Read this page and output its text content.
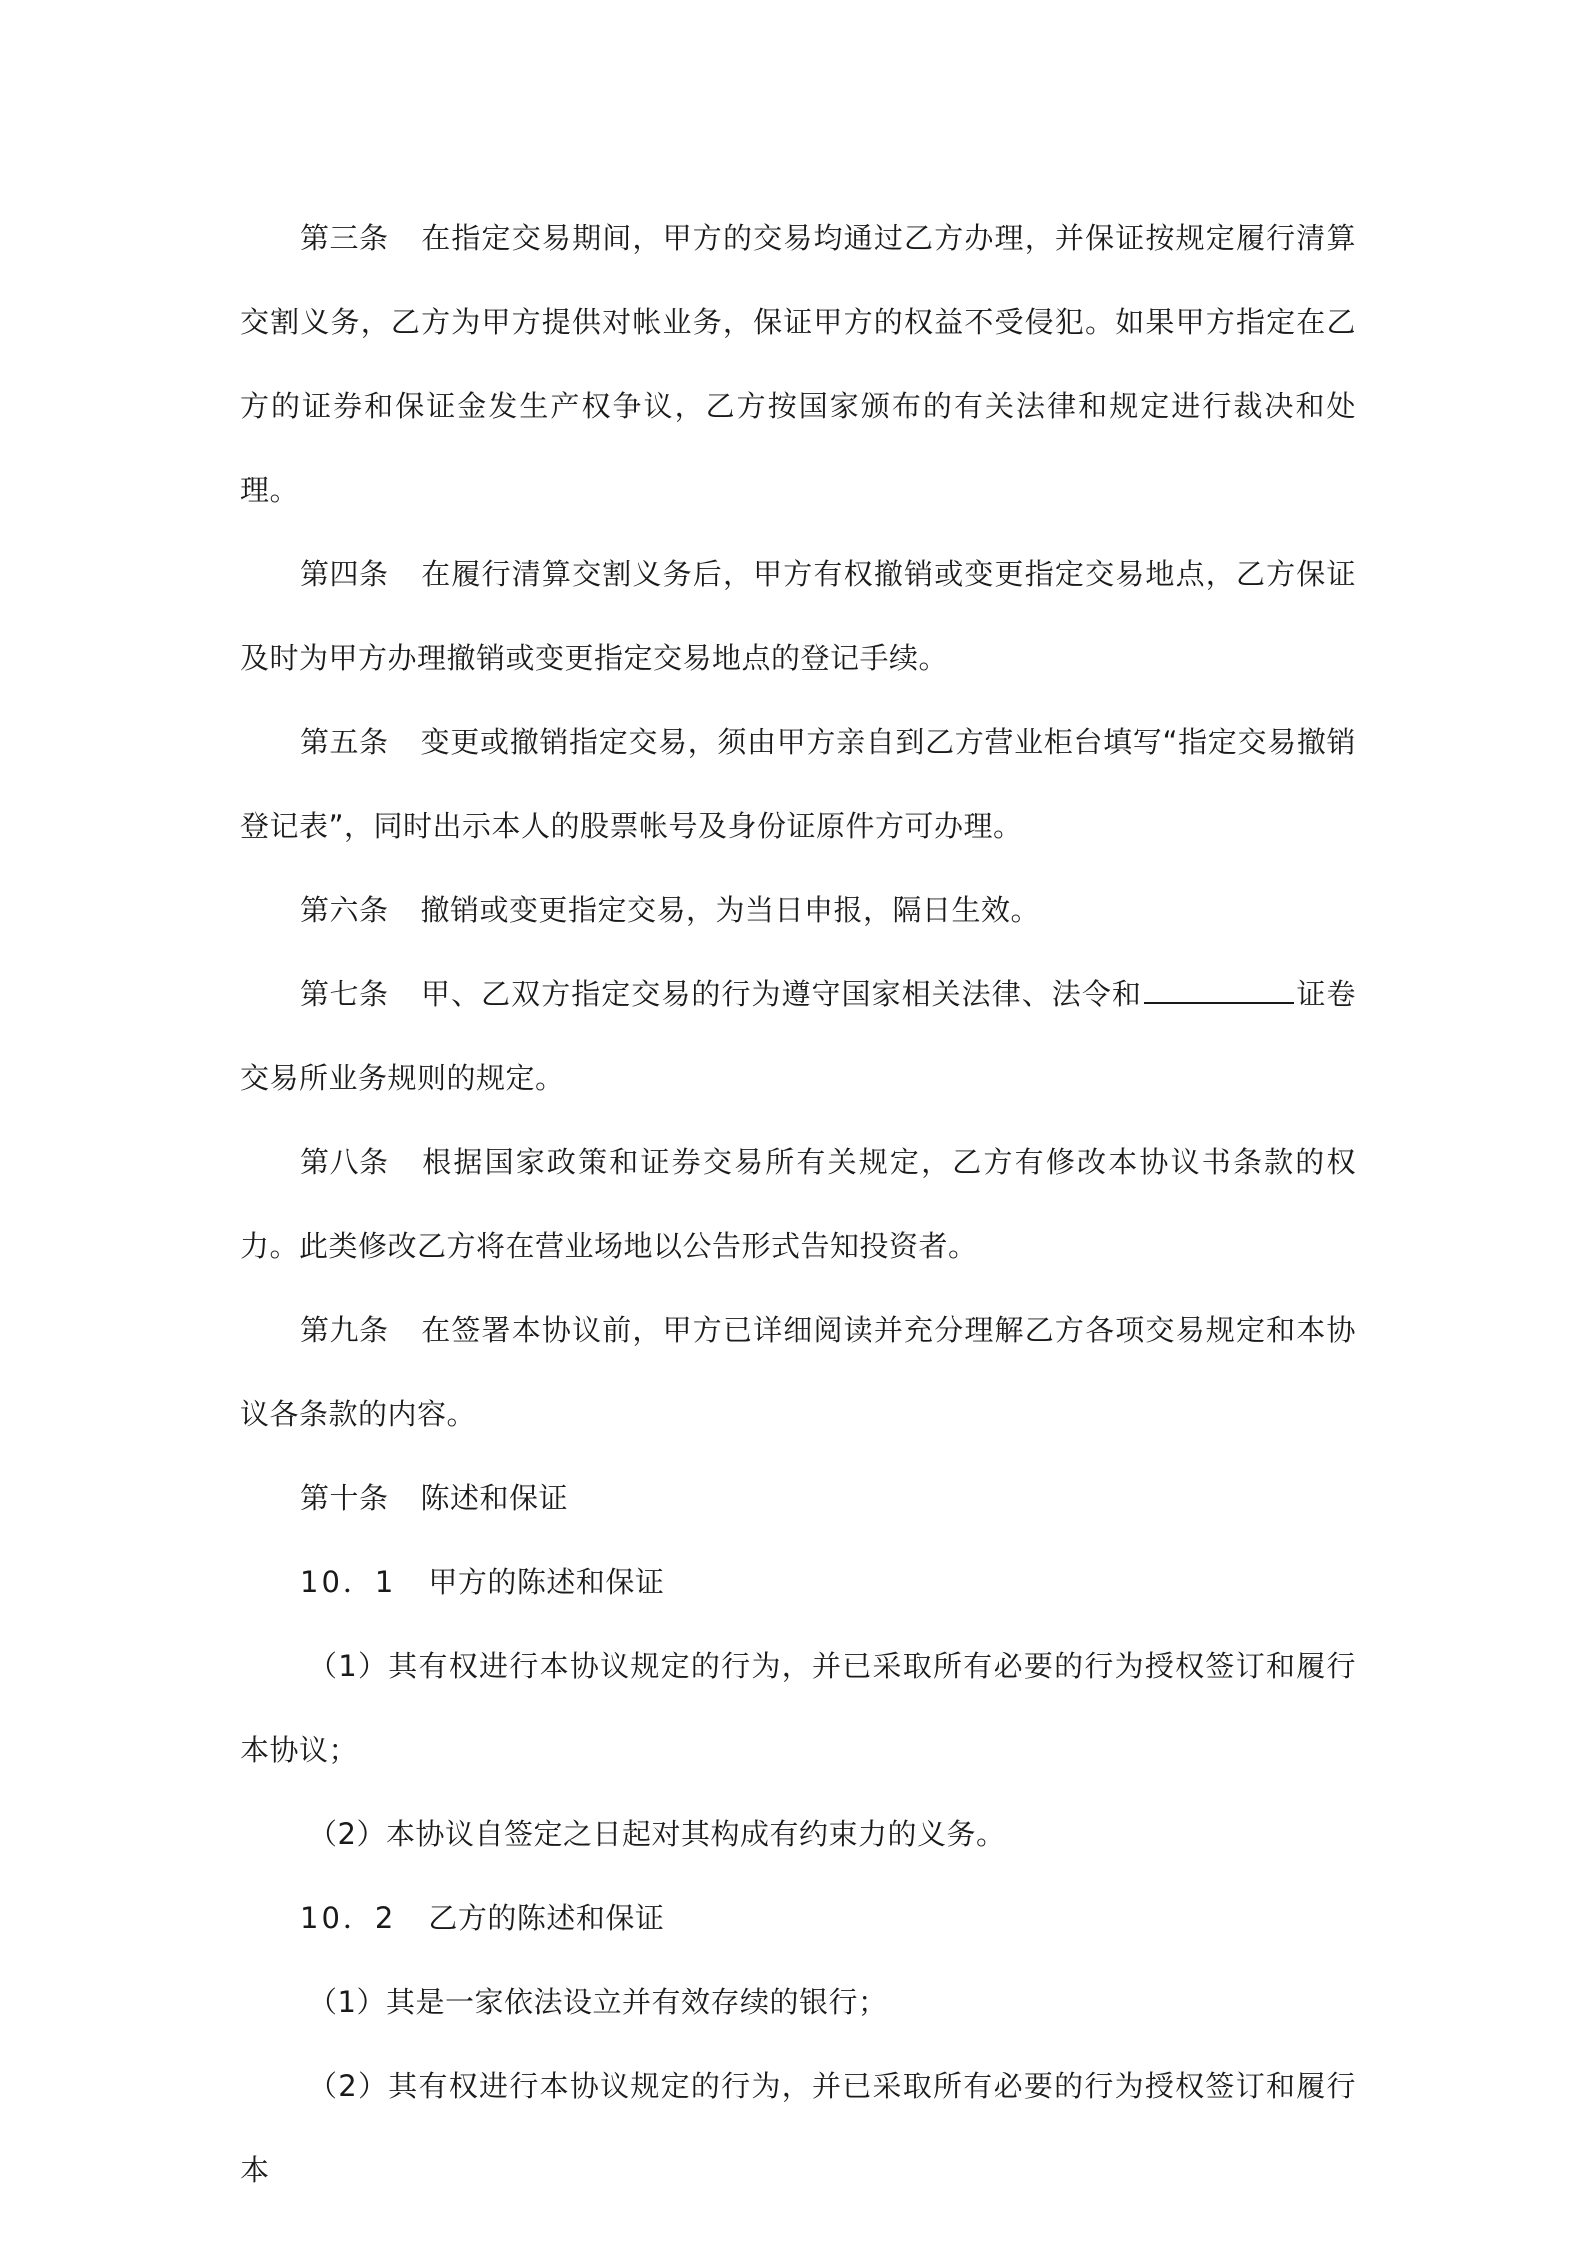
第三条 在指定交易期间，甲方的交易均通过乙方办理，并保证按规定履行清算交割义务，乙方为甲方提供对帐业务，保证甲方的权益不受侵犯。如果甲方指定在乙方的证券和保证金发生产权争议，乙方按国家颁布的有关法律和规定进行裁决和处理。

第四条 在履行清算交割义务后，甲方有权撤销或变更指定交易地点，乙方保证及时为甲方办理撤销或变更指定交易地点的登记手续。

第五条 变更或撤销指定交易，须由甲方亲自到乙方营业柜台填写“指定交易撤销登记表”，同时出示本人的股票帐号及身份证原件方可办理。

第六条 撤销或变更指定交易，为当日申报，隔日生效。

第七条 甲、乙双方指定交易的行为遵守国家相关法律、法令和	证卷交易所业务规则的规定。

第八条 根据国家政策和证券交易所有关规定，乙方有修改本协议书条款的权力。此类修改乙方将在营业场地以公告形式告知投资者。

第九条 在签署本协议前，甲方已详细阅读并充分理解乙方各项交易规定和本协议各条款的内容。

第十条 陈述和保证

10．1 甲方的陈述和保证

（1）其有权进行本协议规定的行为，并已采取所有必要的行为授权签订和履行本协议；

（2）本协议自签定之日起对其构成有约束力的义务。

10．2 乙方的陈述和保证

（1）其是一家依法设立并有效存续的银行；

（2）其有权进行本协议规定的行为，并已采取所有必要的行为授权签订和履行本
